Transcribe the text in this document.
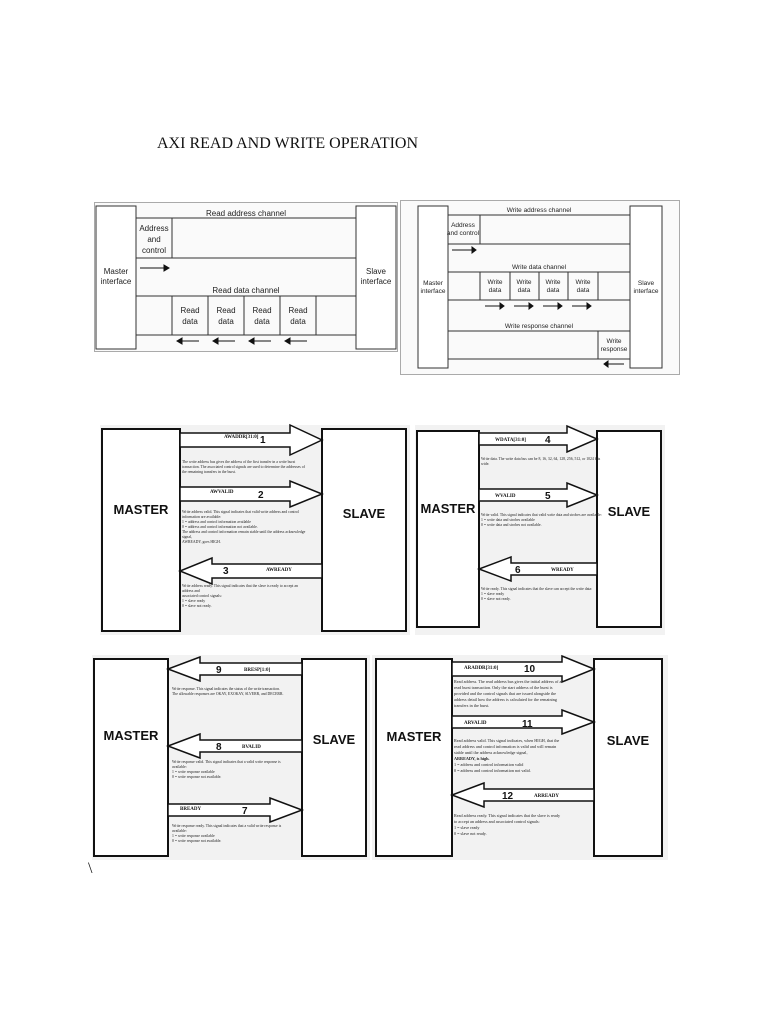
AXI READ AND WRITE OPERATION
\
Read address channel
Address
and
control
Read data channel
Master
interface
Slave
interface
Read
data
Read
data
Read
data
Read
data
Write address channel
Address
and control
Write data channel
Write response channel
Master
interface
Slave
interface
Write
data
Write
data
Write
data
Write
data
Write
response
MASTER	SLAVE
AWADDR[31:0]
AWVALID
AWREADY
1
2
3
The write address bus gives the address of the first transfer in a write burst
transaction. The associated control signals are used to determine the addresses of
the remaining transfers in the burst.
Write address valid. This signal indicates that valid write address and control
information are available:
1 = address and control information available
0 = address and control information not available.
The address and control information remain stable until the address acknowledge
signal,
AWREADY, goes HIGH.
Write address ready. This signal indicates that the slave is ready to accept an
address and
associated control signals:
1 = slave ready
0 = slave not ready.
MASTER	SLAVE
WDATA[31:0]
WVALID
WREADY
4
5
6
Write data. The write data bus can be 8, 16, 32, 64, 128, 256, 512, or 1024 bits
wide.
Write valid. This signal indicates that valid write data and strobes are available:
1 = write data and strobes available
0 = write data and strobes not available.
Write ready. This signal indicates that the slave can accept the write data:
1 = slave ready
0 = slave not ready.
MASTER	SLAVE
BRESP[1:0]
BVALID
BREADY
9
8
7
Write response. This signal indicates the status of the write transaction.
The allowable responses are OKAY, EXOKAY, SLVERR, and DECERR.
Write response valid. This signal indicates that a valid write response is
available:
1 = write response available
0 = write response not available.
Write response ready. This signal indicates that a valid write response is
available:
1 = write response available
0 = write response not available.
MASTER	SLAVE
ARADDR[31:0]
ARVALID
ARREADY
10
11
12
Read address. The read address bus gives the initial address of a
read burst transaction. Only the start address of the burst is
provided and the control signals that are issued alongside the
address detail how the address is calculated for the remaining
transfers in the burst.
Read address valid. This signal indicates, when HIGH, that the
read address and control information is valid and will remain
stable until the address acknowledge signal,
ARREADY, is high.
1 = address and control information valid
0 = address and control information not valid.
Read address ready. This signal indicates that the slave is ready
to accept an address and associated control signals:
1 = slave ready
0 = slave not ready.
